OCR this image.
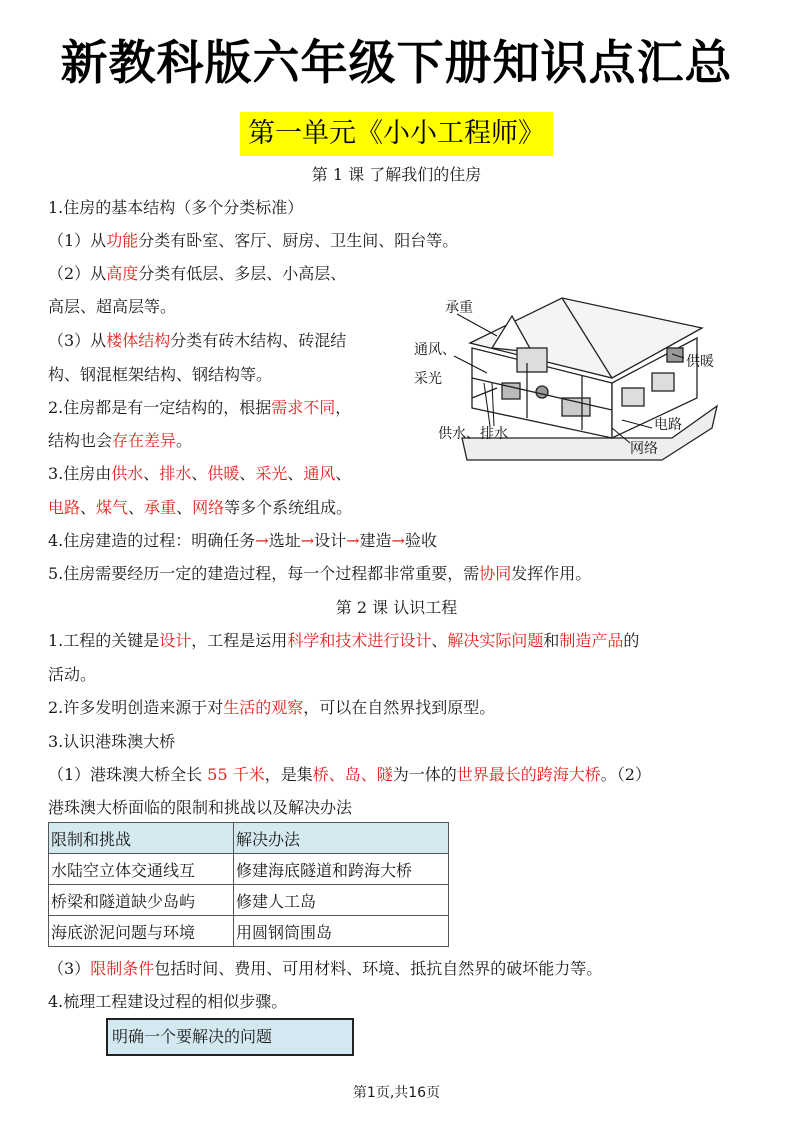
新教科版六年级下册知识点汇总
第一单元《小小工程师》
第 1 课 了解我们的住房
1.住房的基本结构（多个分类标准）
（1）从功能分类有卧室、客厅、厨房、卫生间、阳台等。
（2）从高度分类有低层、多层、小高层、
高层、超高层等。
（3）从楼体结构分类有砖木结构、砖混结
构、钢混框架结构、钢结构等。
2.住房都是有一定结构的，根据需求不同，
结构也会存在差异。
3.住房由供水、排水、供暖、采光、通风、
电路、煤气、承重、网络等多个系统组成。
4.住房建造的过程：明确任务→选址→设计→建造→验收
5.住房需要经历一定的建造过程，每一个过程都非常重要，需协同发挥作用。
承重
通风、
采光
供暖
供水、排水
电路
网络
第 2 课 认识工程
1.工程的关键是设计，工程是运用科学和技术进行设计、解决实际问题和制造产品的
活动。
2.许多发明创造来源于对生活的观察，可以在自然界找到原型。
3.认识港珠澳大桥
（1）港珠澳大桥全长 55 千米，是集桥、岛、隧为一体的世界最长的跨海大桥。（2）
港珠澳大桥面临的限制和挑战以及解决办法
限制和挑战	解决办法
水陆空立体交通线互	修建海底隧道和跨海大桥
桥梁和隧道缺少岛屿	修建人工岛
海底淤泥问题与环境	用圆钢筒围岛
（3）限制条件包括时间、费用、可用材料、环境、抵抗自然界的破坏能力等。
4.梳理工程建设过程的相似步骤。
明确一个要解决的问题
第1页,共16页
